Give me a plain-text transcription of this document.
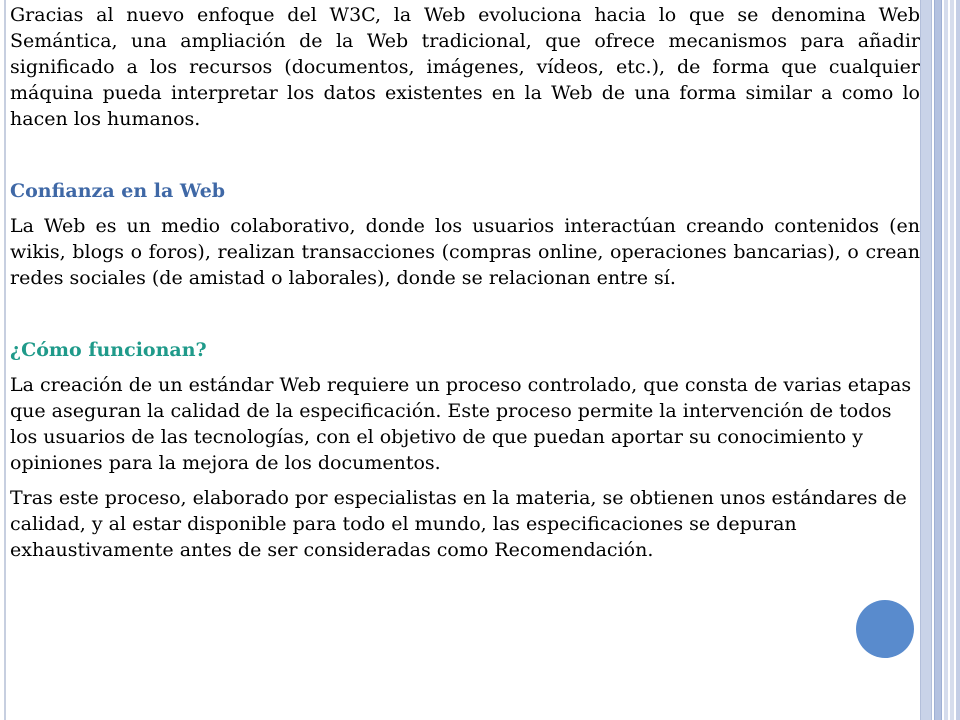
Gracias al nuevo enfoque del W3C, la Web evoluciona hacia lo que se denomina Web Semántica, una ampliación de la Web tradicional, que ofrece mecanismos para añadir significado a los recursos (documentos, imágenes, vídeos, etc.), de forma que cualquier máquina pueda interpretar los datos existentes en la Web de una forma similar a como lo hacen los humanos.

Confianza en la Web

La Web es un medio colaborativo, donde los usuarios interactúan creando contenidos (en wikis, blogs o foros), realizan transacciones (compras online, operaciones bancarias), o crean redes sociales (de amistad o laborales), donde se relacionan entre sí.

¿Cómo funcionan?

La creación de un estándar Web requiere un proceso controlado, que consta de varias etapas que aseguran la calidad de la especificación. Este proceso permite la intervención de todos los usuarios de las tecnologías, con el objetivo de que puedan aportar su conocimiento y opiniones para la mejora de los documentos.

Tras este proceso, elaborado por especialistas en la materia, se obtienen unos estándares de calidad, y al estar disponible para todo el mundo, las especificaciones se depuran exhaustivamente antes de ser consideradas como Recomendación.
